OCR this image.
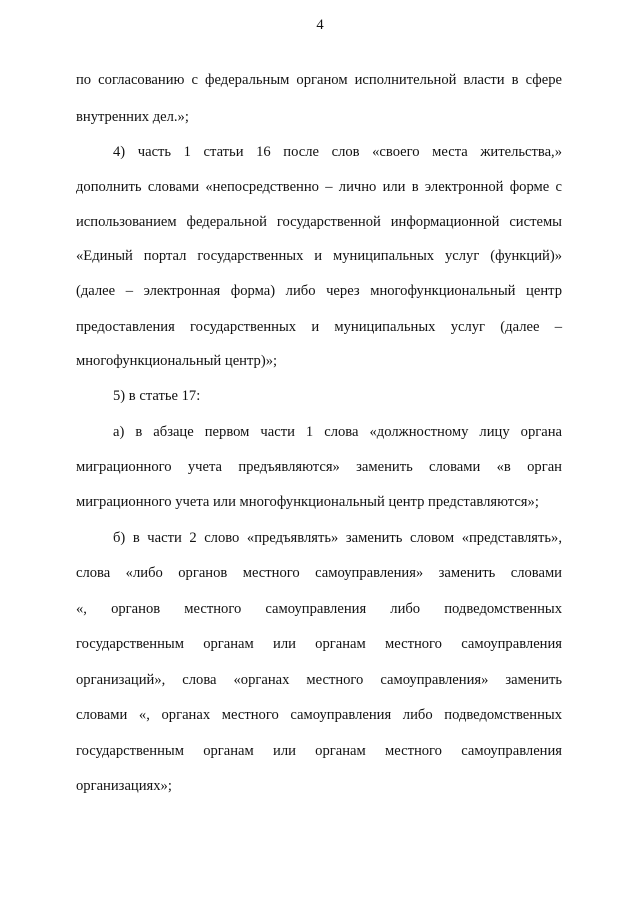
4
по согласованию с федеральным органом исполнительной власти в сфере
внутренних дел.»;
4) часть 1 статьи 16 после слов «своего места жительства,»
дополнить словами «непосредственно – лично или в электронной форме с
использованием федеральной государственной информационной системы
«Единый портал государственных и муниципальных услуг (функций)»
(далее – электронная форма) либо через многофункциональный центр
предоставления государственных и муниципальных услуг (далее –
многофункциональный центр)»;
5) в статье 17:
а) в абзаце первом части 1 слова «должностному лицу органа
миграционного учета предъявляются» заменить словами «в орган
миграционного учета или многофункциональный центр представляются»;
б) в части 2 слово «предъявлять» заменить словом «представлять»,
слова «либо органов местного самоуправления» заменить словами
«, органов местного самоуправления либо подведомственных
государственным органам или органам местного самоуправления
организаций», слова «органах местного самоуправления» заменить
словами «, органах местного самоуправления либо подведомственных
государственным органам или органам местного самоуправления
организациях»;
